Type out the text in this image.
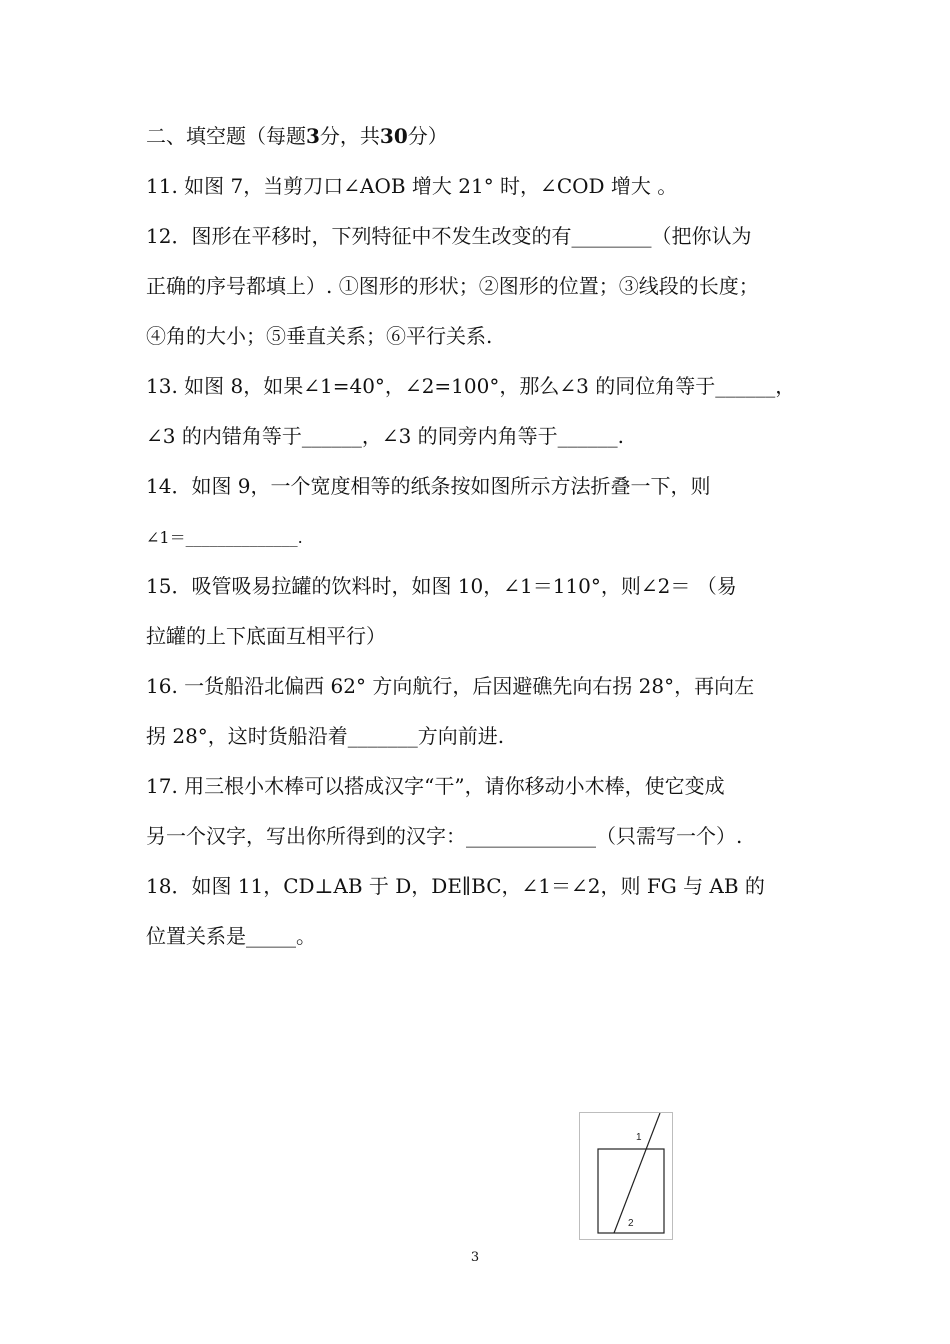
二、填空题（每题3分，共30分）
11. 如图 7，当剪刀口∠AOB 增大 21° 时，∠COD 增大 。
12．图形在平移时，下列特征中不发生改变的有________（把你认为
正确的序号都填上）. ①图形的形状；②图形的位置；③线段的长度；
④角的大小；⑤垂直关系；⑥平行关系.
13. 如图 8，如果∠1=40°，∠2=100°，那么∠3 的同位角等于______，
∠3 的内错角等于______，∠3 的同旁内角等于______.
14．如图 9，一个宽度相等的纸条按如图所示方法折叠一下，则
∠1＝______________.
15．吸管吸易拉罐的饮料时，如图 10，∠1＝110°，则∠2＝ （易
拉罐的上下底面互相平行）
16. 一货船沿北偏西 62° 方向航行，后因避礁先向右拐 28°，再向左
拐 28°，这时货船沿着_______方向前进.
17. 用三根小木棒可以搭成汉字“干”，请你移动小木棒，使它变成
另一个汉字，写出你所得到的汉字：_____________（只需写一个）.
18．如图 11，CD⊥AB 于 D，DE∥BC，∠1＝∠2，则 FG 与 AB 的
位置关系是_____。
1
2
3
